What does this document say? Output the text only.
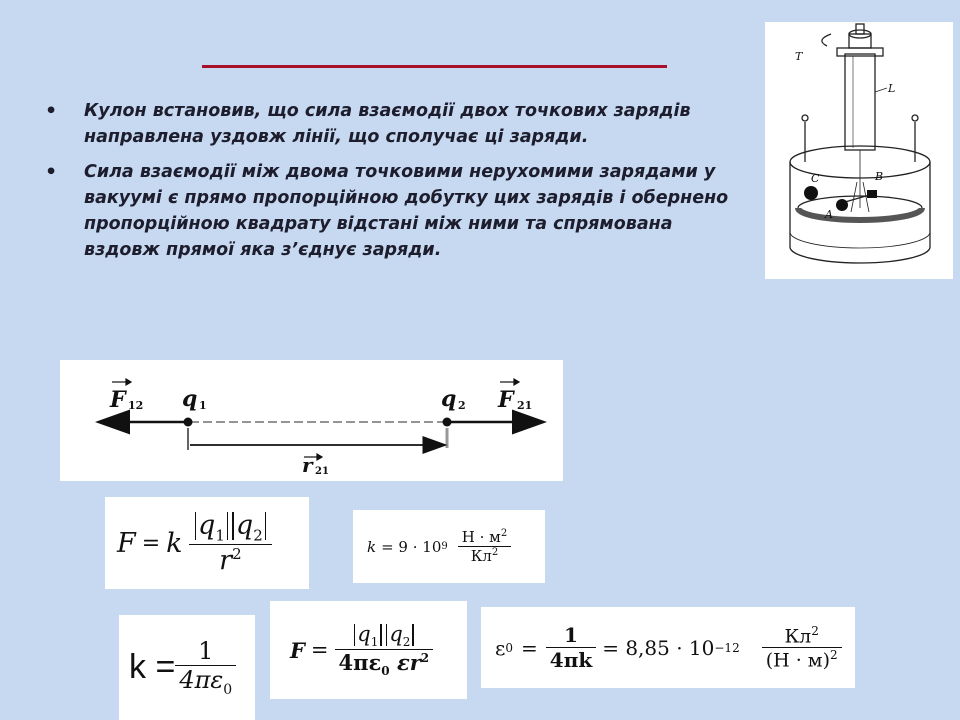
• Кулон встановив, що сила взаємодії двох точкових зарядів направлена уздовж лінії, що сполучає ці заряди.
• Сила взаємодії між двома точковими нерухомими зарядами у вакуумі є прямо пропорційною добутку цих зарядів і обернено пропорційною квадрату відстані між ними та спрямована вздовж прямої яка з’єднує заряди.
T
L
B
C
A
F 12 q 1	q 2 F 21
r 21
F = k $\frac{q_1 q_2}{r^2}$	k = 9 · 10 $9 \frac{Н \cdot м^2}{Кл^2}$
$k = \frac{1}{4\pi\varepsilon_0}$	$F = \frac{q_1 q_2}{4\pi\varepsilon_0 \varepsilon r^2}$	ε $0 = \frac{1}{4\pi k} = 8,85 \cdot 10 -12 \frac{Кл^2}{(Н \cdot м)^2}$
